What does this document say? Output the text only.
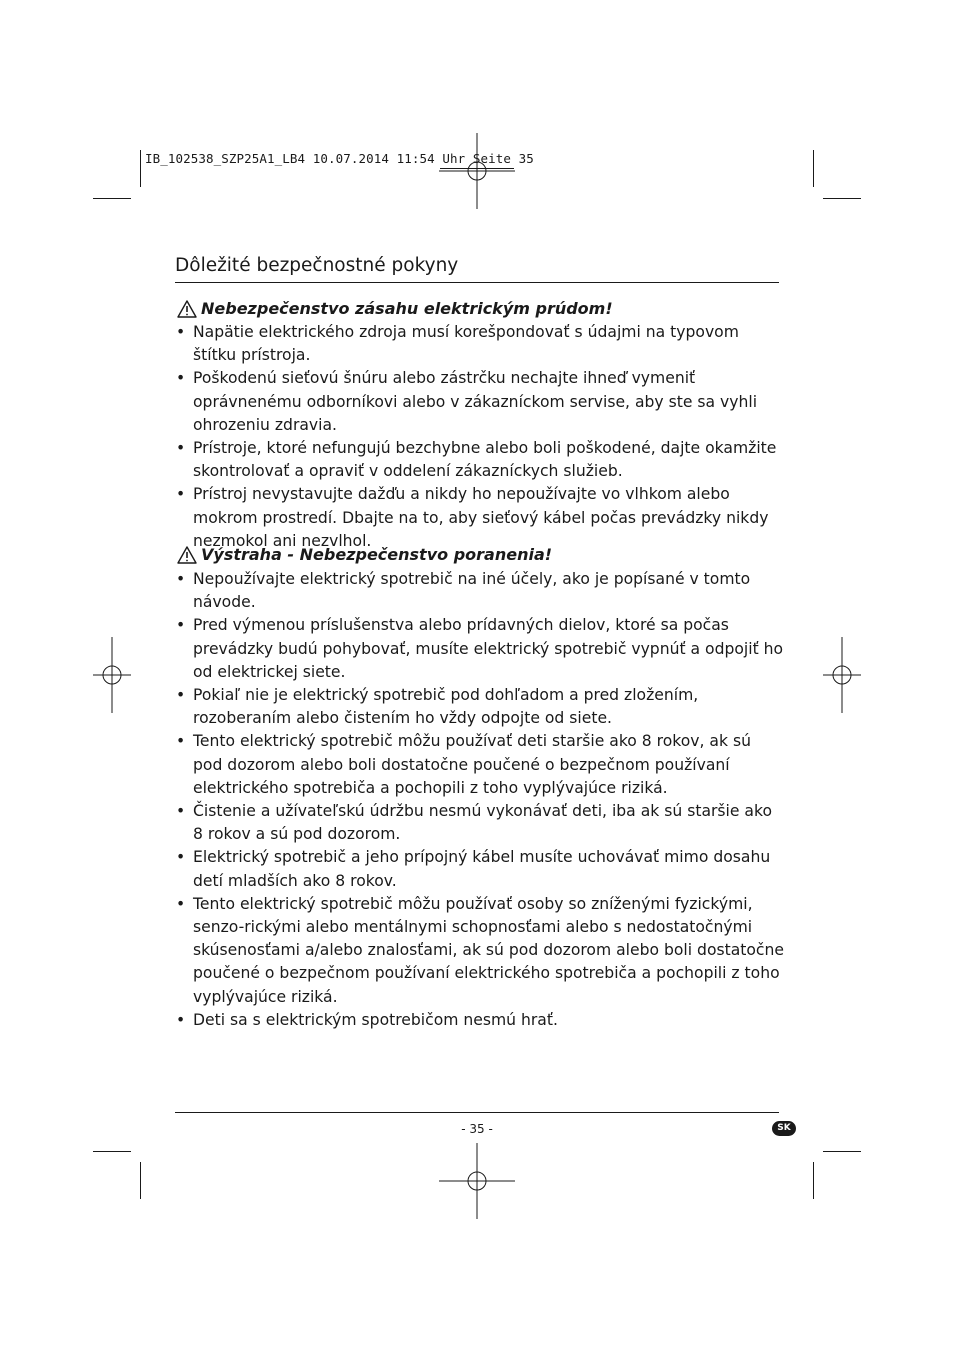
IB_102538_SZP25A1_LB4 10.07.2014 11:54 Uhr Seite 35
Dôležité bezpečnostné pokyny
Nebezpečenstvo zásahu elektrickým prúdom!
• Napätie elektrického zdroja musí korešpondovať s údajmi na typovom štítku prístroja.
• Poškodenú sieťovú šnúru alebo zástrčku nechajte ihneď vymeniť oprávnenému odborníkovi alebo v zákazníckom servise, aby ste sa vyhli ohrozeniu zdravia.
• Prístroje, ktoré nefungujú bezchybne alebo boli poškodené, dajte okamžite skontrolovať a opraviť v oddelení zákazníckych služieb.
• Prístroj nevystavujte dažďu a nikdy ho nepoužívajte vo vlhkom alebo mokrom prostredí. Dbajte na to, aby sieťový kábel počas prevádzky nikdy nezmokol ani nezvlhol.
Výstraha - Nebezpečenstvo poranenia!
• Nepoužívajte elektrický spotrebič na iné účely, ako je popísané v tomto návode.
• Pred výmenou príslušenstva alebo prídavných dielov, ktoré sa počas prevádzky budú pohybovať, musíte elektrický spotrebič vypnúť a odpojiť ho od elektrickej siete.
• Pokiaľ nie je elektrický spotrebič pod dohľadom a pred zložením, rozoberaním alebo čistením ho vždy odpojte od siete.
• Tento elektrický spotrebič môžu používať deti staršie ako 8 rokov, ak sú pod dozorom alebo boli dostatočne poučené o bezpečnom používaní elektrického spotrebiča a pochopili z toho vyplývajúce riziká.
• Čistenie a užívateľskú údržbu nesmú vykonávať deti, iba ak sú staršie ako 8 rokov a sú pod dozorom.
• Elektrický spotrebič a jeho prípojný kábel musíte uchovávať mimo dosahu detí mladších ako 8 rokov.
• Tento elektrický spotrebič môžu používať osoby so zníženými fyzickými, senzo-rickými alebo mentálnymi schopnosťami alebo s nedostatočnými skúsenosťami a/alebo znalosťami, ak sú pod dozorom alebo boli dostatočne poučené o bezpečnom používaní elektrického spotrebiča a pochopili z toho vyplývajúce riziká.
• Deti sa s elektrickým spotrebičom nesmú hrať.
- 35 -	SK
